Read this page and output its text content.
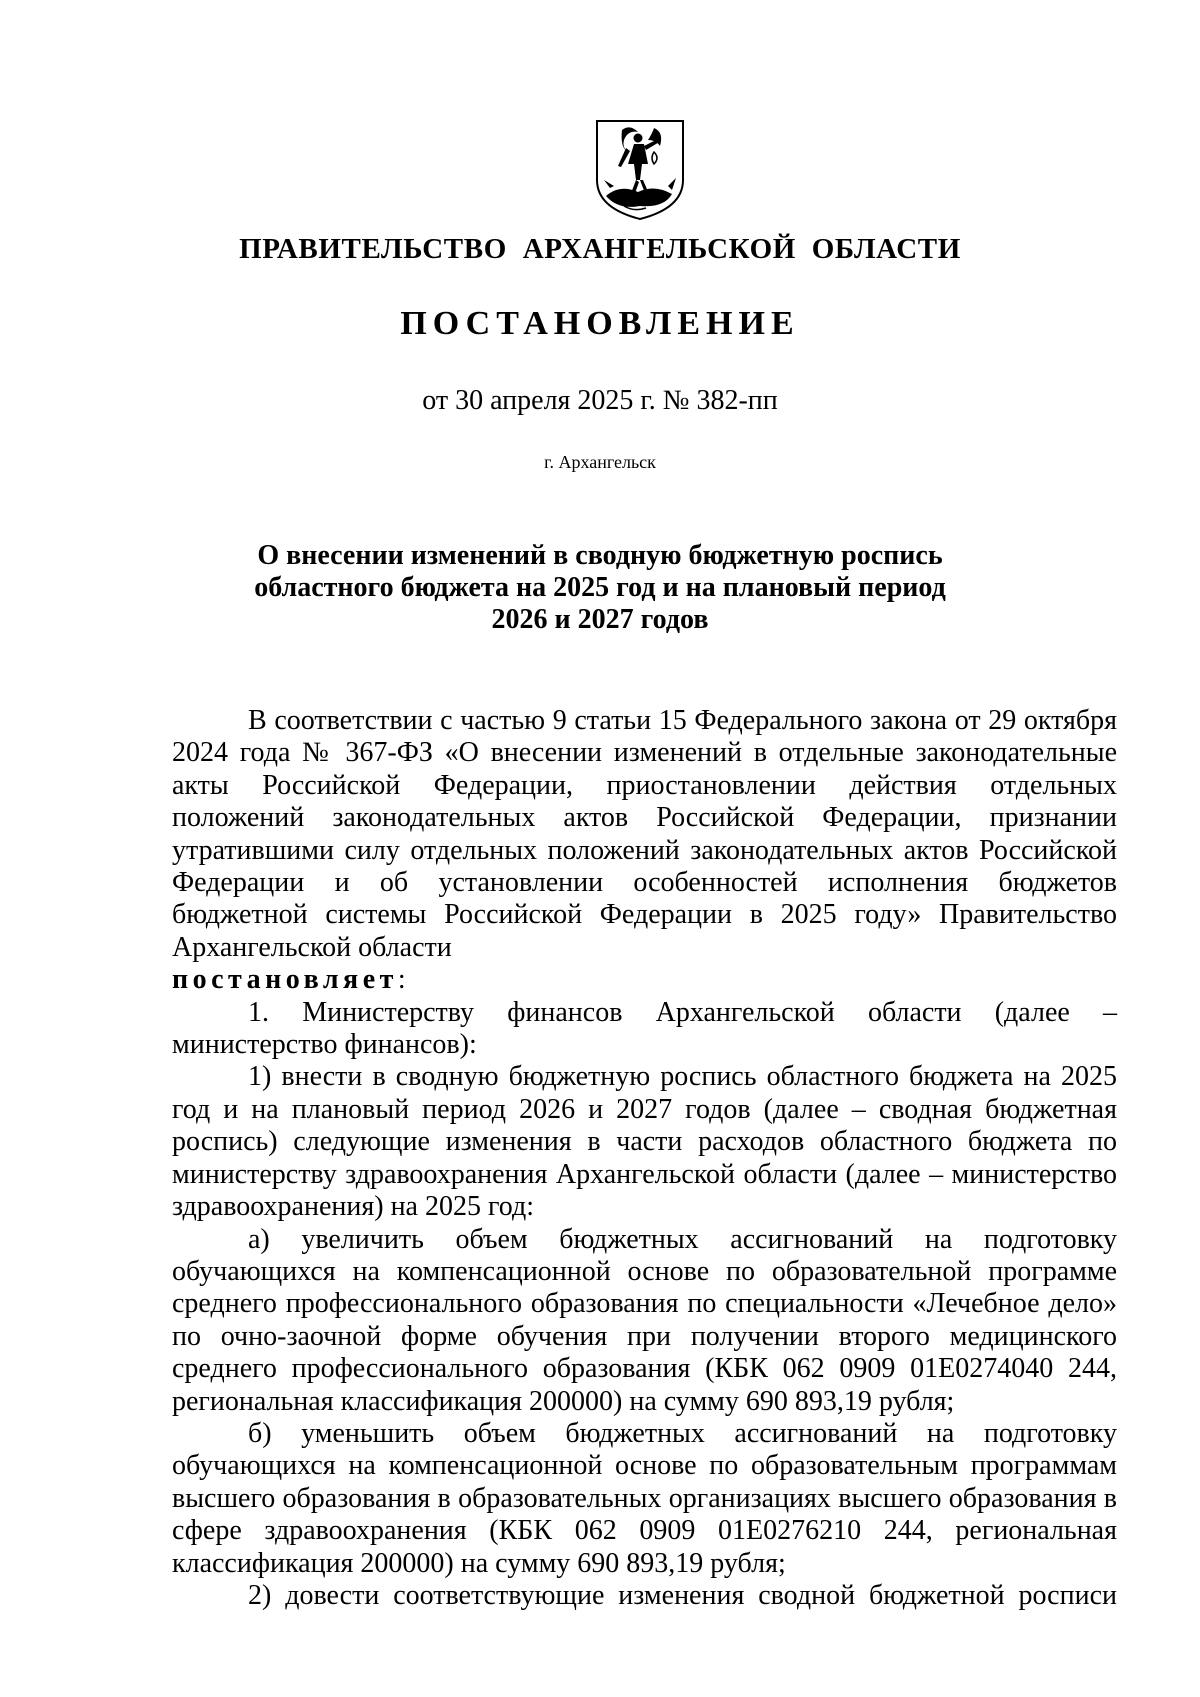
ПРАВИТЕЛЬСТВО АРХАНГЕЛЬСКОЙ ОБЛАСТИ
ПОСТАНОВЛЕНИЕ
от 30 апреля 2025 г. № 382-пп
г. Архангельск
О внесении изменений в сводную бюджетную роспись
областного бюджета на 2025 год и на плановый период
2026 и 2027 годов

В соответствии с частью 9 статьи 15 Федерального закона от 29 октября 2024 года № 367-ФЗ «О внесении изменений в отдельные законодательные акты Российской Федерации, приостановлении действия отдельных положений законодательных актов Российской Федерации, признании утратившими силу отдельных положений законодательных актов Российской Федерации и об установлении особенностей исполнения бюджетов бюджетной системы Российской Федерации в 2025 году» Правительство Архангельской области

постановляет:

1. Министерству финансов Архангельской области (далее – министерство финансов):

1) внести в сводную бюджетную роспись областного бюджета на 2025 год и на плановый период 2026 и 2027 годов (далее – сводная бюджетная роспись) следующие изменения в части расходов областного бюджета по министерству здравоохранения Архангельской области (далее – министерство здравоохранения) на 2025 год:

а) увеличить объем бюджетных ассигнований на подготовку обучающихся на компенсационной основе по образовательной программе среднего профессионального образования по специальности «Лечебное дело» по очно-заочной форме обучения при получении второго медицинского среднего профессионального образования (КБК 062 0909 01Е0274040 244, региональная классификация 200000) на сумму 690 893,19 рубля;

б) уменьшить объем бюджетных ассигнований на подготовку обучающихся на компенсационной основе по образовательным программам высшего образования в образовательных организациях высшего образования в сфере здравоохранения (КБК 062 0909 01Е0276210 244, региональная классификация 200000) на сумму 690 893,19 рубля;

2) довести соответствующие изменения сводной бюджетной росписи
